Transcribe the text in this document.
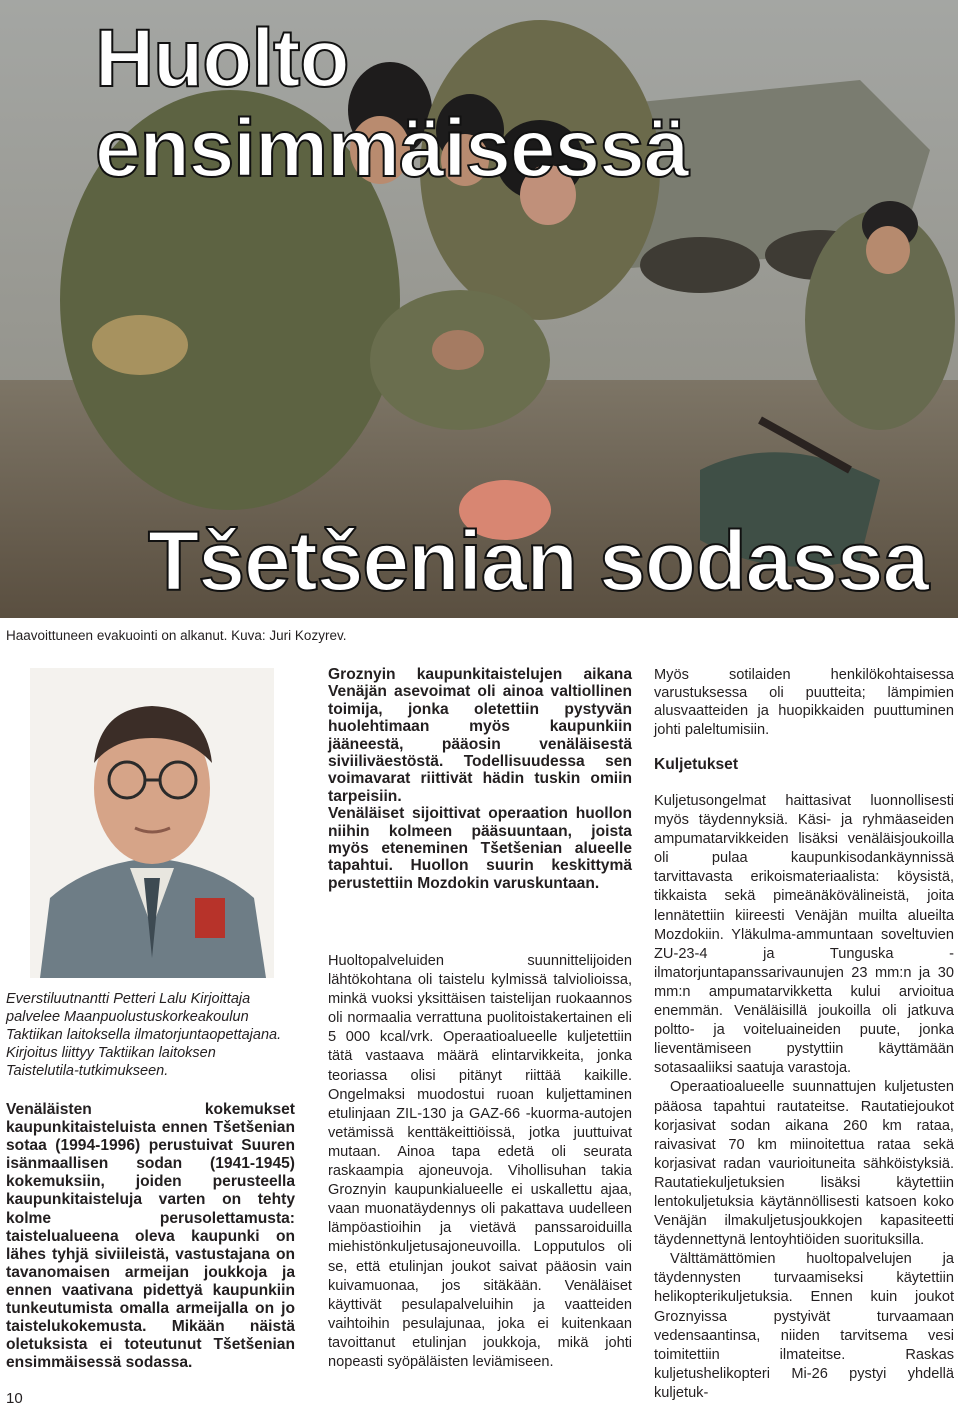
Huolto ensimmäisessä
Tšetšenian sodassa
Haavoittuneen evakuointi on alkanut. Kuva: Juri Kozyrev.
Everstiluutnantti Petteri Lalu Kirjoittaja palvelee Maanpuolustuskorkeakoulun Taktiikan laitoksella ilmatorjuntaopettajana. Kirjoitus liittyy Taktiikan laitoksen Taistelutila-tutkimukseen.
Venäläisten kokemukset kaupunkitaisteluista ennen Tšetšenian sotaa (1994-1996) perustuivat Suuren isänmaallisen sodan (1941-1945) kokemuksiin, joiden perusteella kaupunkitaisteluja varten on tehty kolme perusolettamusta: taistelualueena oleva kaupunki on lähes tyhjä siviileistä, vastustajana on tavanomaisen armeijan joukkoja ja ennen vaativana pidettyä kaupunkiin tunkeutumista omalla armeijalla on jo taistelukokemusta. Mikään näistä oletuksista ei toteutunut Tšetšenian ensimmäisessä sodassa.

Groznyin kaupunkitaistelujen aikana Venäjän asevoimat oli ainoa valtiollinen toimija, jonka oletettiin pystyvän huolehtimaan myös kaupunkiin jääneestä, pääosin venäläisestä siviiliväestöstä. Todellisuudessa sen voimavarat riittivät hädin tuskin omiin tarpeisiin.

Venäläiset sijoittivat operaation huollon niihin kolmeen pääsuuntaan, joista myös eteneminen Tšetšenian alueelle tapahtui. Huollon suurin keskittymä perustettiin Mozdokin varuskuntaan.

Huoltopalveluiden suunnittelijoiden lähtökohtana oli taistelu kylmissä talviolioissa, minkä vuoksi yksittäisen taistelijan ruokaannos oli normaalia verrattuna puolitoistakertainen eli 5 000 kcal/vrk. Operaatioalueelle kuljetettiin tätä vastaava määrä elintarvikkeita, jonka teoriassa olisi pitänyt riittää kaikille. Ongelmaksi muodostui ruoan kuljettaminen etulinjaan ZIL-130 ja GAZ-66 -kuorma-autojen vetämissä kenttäkeittiöissä, jotka juuttuivat mutaan. Ainoa tapa edetä oli seurata raskaampia ajoneuvoja. Vihollisuhan takia Groznyin kaupunkialueelle ei uskallettu ajaa, vaan muonatäydennys oli pakattava uudelleen lämpöastioihin ja vietävä panssaroiduilla miehistönkuljetusajoneuvoilla. Lopputulos oli se, että etulinjan joukot saivat pääosin vain kuivamuonaa, jos sitäkään. Venäläiset käyttivät pesulapalveluihin ja vaatteiden vaihtoihin pesulajunaa, joka ei kuitenkaan tavoittanut etulinjan joukkoja, mikä johti nopeasti syöpäläisten leviämiseen.
Myös sotilaiden henkilökohtaisessa varustuksessa oli puutteita; lämpimien alusvaatteiden ja huopikkaiden puuttuminen johti paleltumisiin.
Kuljetukset

Kuljetusongelmat haittasivat luonnollisesti myös täydennyksiä. Käsi- ja ryhmäaseiden ampumatarvikkeiden lisäksi venäläisjoukoilla oli pulaa kaupunkisodankäynnissä tarvittavasta erikoismateriaalista: köysistä, tikkaista sekä pimeänäkövälineistä, joita lennätettiin kiireesti Venäjän muilta alueilta Mozdokiin. Yläkulma-ammuntaan soveltuvien ZU-23-4 ja Tunguska -ilmatorjuntapanssarivaunujen 23 mm:n ja 30 mm:n ampumatarvikketta kului arvioitua enemmän. Venäläisillä joukoilla oli jatkuva poltto- ja voiteluaineiden puute, jonka lieventämiseen pystyttiin käyttämään sotasaaliiksi saatuja varastoja.

Operaatioalueelle suunnattujen kuljetusten pääosa tapahtui rautateitse. Rautatiejoukot korjasivat sodan aikana 260 km rataa, raivasivat 70 km miinoitettua rataa sekä korjasivat radan vaurioituneita sähköistyksiä. Rautatiekuljetuksien lisäksi käytettiin lentokuljetuksia käytännöllisesti katsoen koko Venäjän ilmakuljetusjoukkojen kapasiteetti täydennettynä lentoyhtiöiden suorituksilla.

Välttämättömien huoltopalvelujen ja täydennysten turvaamiseksi käytettiin helikopterikuljetuksia. Ennen kuin joukot Groznyissa pystyivät turvaamaan vedensaantinsa, niiden tarvitsema vesi toimitettiin ilmateitse. Raskas kuljetushelikopteri Mi-26 pystyi yhdellä kuljetuk-

10
